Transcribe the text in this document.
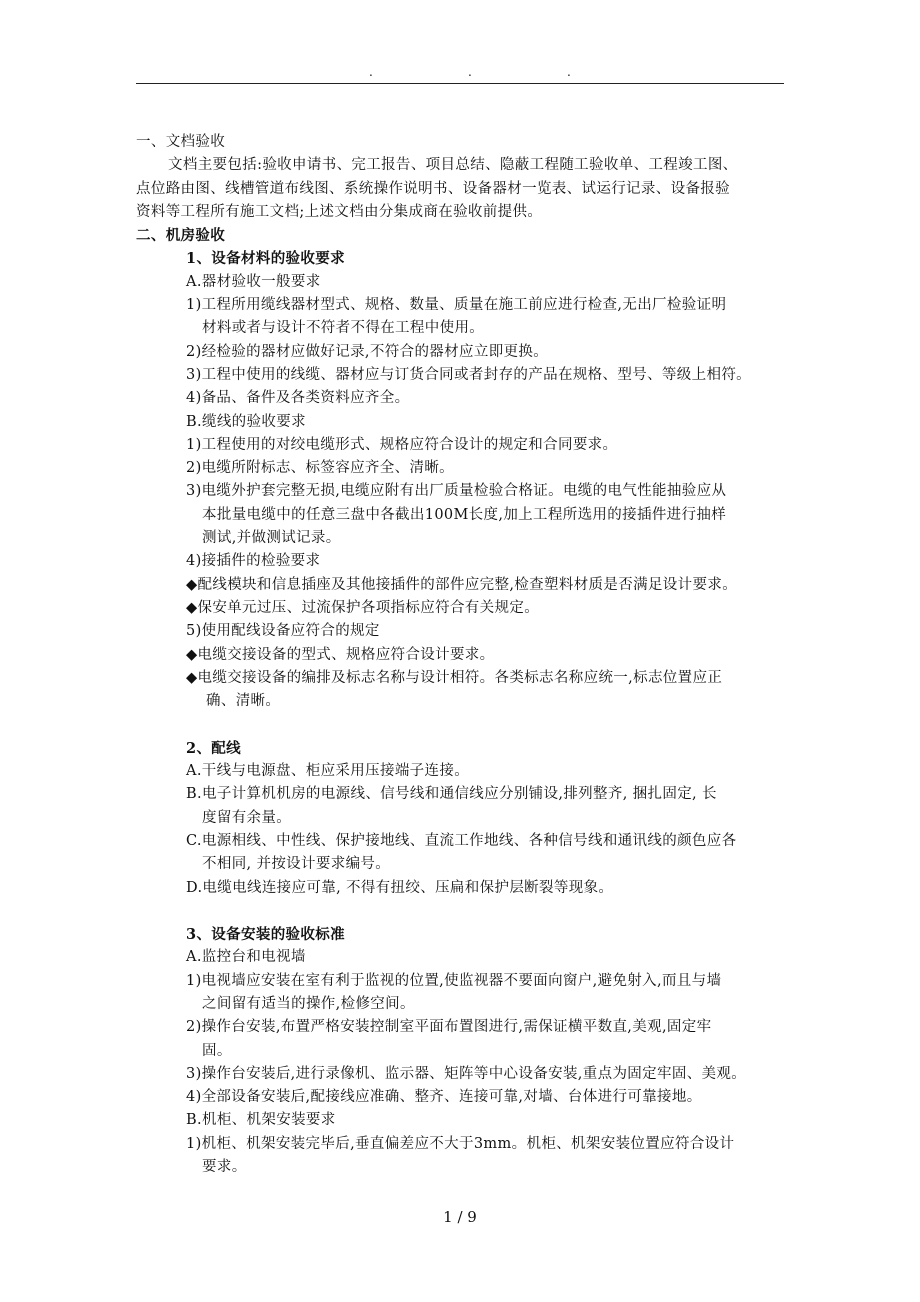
.	.	.
一、文档验收
文档主要包括:验收申请书、完工报告、项目总结、隐蔽工程随工验收单、工程竣工图、
点位路由图、线槽管道布线图、系统操作说明书、设备器材一览表、试运行记录、设备报验
资料等工程所有施工文档;上述文档由分集成商在验收前提供。
二、机房验收
1、设备材料的验收要求
A.器材验收一般要求
1)工程所用缆线器材型式、规格、数量、质量在施工前应进行检查,无出厂检验证明
材料或者与设计不符者不得在工程中使用。
2)经检验的器材应做好记录,不符合的器材应立即更换。
3)工程中使用的线缆、器材应与订货合同或者封存的产品在规格、型号、等级上相符。
4)备品、备件及各类资料应齐全。
B.缆线的验收要求
1)工程使用的对绞电缆形式、规格应符合设计的规定和合同要求。
2)电缆所附标志、标签容应齐全、清晰。
3)电缆外护套完整无损,电缆应附有出厂质量检验合格证。电缆的电气性能抽验应从
本批量电缆中的任意三盘中各截出100M长度,加上工程所选用的接插件进行抽样
测试,并做测试记录。
4)接插件的检验要求
◆配线模块和信息插座及其他接插件的部件应完整,检查塑料材质是否满足设计要求。
◆保安单元过压、过流保护各项指标应符合有关规定。
5)使用配线设备应符合的规定
◆电缆交接设备的型式、规格应符合设计要求。
◆电缆交接设备的编排及标志名称与设计相符。各类标志名称应统一,标志位置应正
确、清晰。
2、配线
A.干线与电源盘、柜应采用压接端子连接。
B.电子计算机机房的电源线、信号线和通信线应分别铺设,排列整齐, 捆扎固定, 长
度留有余量。
C.电源相线、中性线、保护接地线、直流工作地线、各种信号线和通讯线的颜色应各
不相同, 并按设计要求编号。
D.电缆电线连接应可靠, 不得有扭绞、压扁和保护层断裂等现象。
3、设备安装的验收标准
A.监控台和电视墙
1)电视墙应安装在室有利于监视的位置,使监视器不要面向窗户,避免射入,而且与墙
之间留有适当的操作,检修空间。
2)操作台安装,布置严格安装控制室平面布置图进行,需保证横平数直,美观,固定牢
固。
3)操作台安装后,进行录像机、监示器、矩阵等中心设备安装,重点为固定牢固、美观。
4)全部设备安装后,配接线应准确、整齐、连接可靠,对墙、台体进行可靠接地。
B.机柜、机架安装要求
1)机柜、机架安装完毕后,垂直偏差应不大于3mm。机柜、机架安装位置应符合设计
要求。
1 / 9
